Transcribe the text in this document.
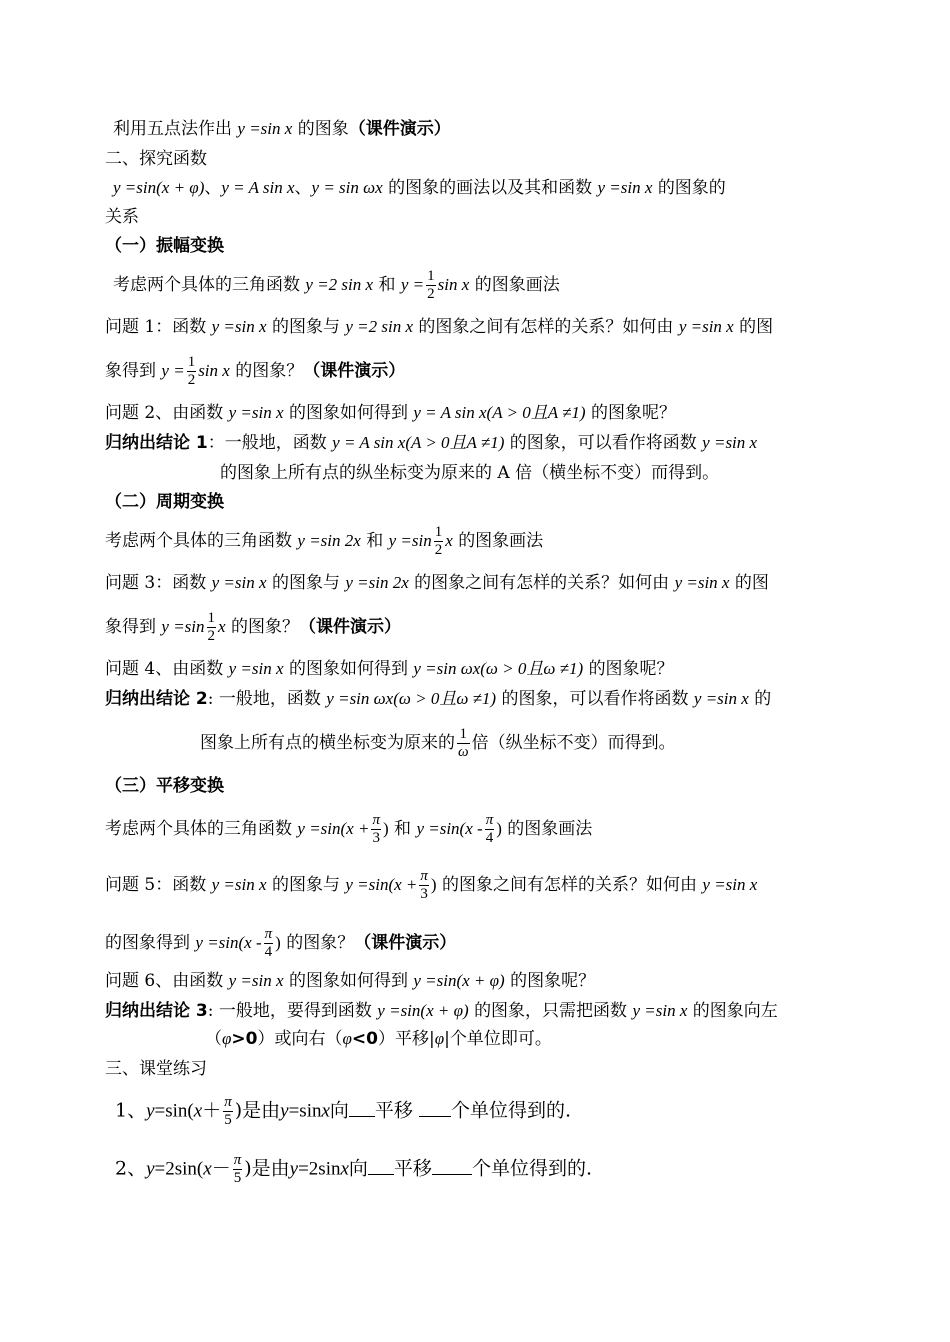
利用五点法作出 y =sin x 的图象（课件演示）
二、探究函数
y =sin(x + φ)、y = A sin x、y = sin ωx 的图象的画法以及其和函数 y =sin x 的图象的
关系
（一）振幅变换
考虑两个具体的三角函数 y =2 sin x 和 $y = \frac{1}{2}$ sin x 的图象画法
问题 1：函数 y =sin x 的图象与 y =2 sin x 的图象之间有怎样的关系？如何由 y =sin x 的图
象得到 $y = \frac{1}{2}$ sin x 的图象？（课件演示）
问题 2、由函数 y =sin x 的图象如何得到 y = A sin x(A > 0且A ≠1) 的图象呢？
归纳出结论 1：一般地，函数 y = A sin x(A > 0且A ≠1) 的图象，可以看作将函数 y =sin x
的图象上所有点的纵坐标变为原来的 A 倍（横坐标不变）而得到。
（二）周期变换
考虑两个具体的三角函数 y =sin 2x 和 $y =\sin \frac{1}{2}$ x 的图象画法
问题 3：函数 y =sin x 的图象与 y =sin 2x 的图象之间有怎样的关系？如何由 y =sin x 的图
象得到 $y =\sin \frac{1}{2}$ x 的图象？（课件演示）
问题 4、由函数 y =sin x 的图象如何得到 y =sin ωx(ω > 0且ω ≠1) 的图象呢？
归纳出结论 2: 一般地，函数 y =sin ωx(ω > 0且ω ≠1) 的图象，可以看作将函数 y =sin x 的
图象上所有点的横坐标变为原来的 $\frac{1}{\omega}$ 倍（纵坐标不变）而得到。
（三）平移变换
考虑两个具体的三角函数 $y =\sin(x + \frac{\pi}{3}$ ) 和 $y =\sin(x - \frac{\pi}{4}$ ) 的图象画法
问题 5：函数 y =sin x 的图象与 $y =\sin(x + \frac{\pi}{3}$ ) 的图象之间有怎样的关系？如何由 y =sin x
的图象得到 $y =\sin(x - \frac{\pi}{4}$ ) 的图象？（课件演示）
问题 6、由函数 y =sin x 的图象如何得到 y =sin(x + φ) 的图象呢？
归纳出结论 3: 一般地，要得到函数 y =sin(x + φ) 的图象，只需把函数 y =sin x 的图象向左
（φ>0）或向右（φ<0）平移|φ|个单位即可。
三、课堂练习
1、$y=\sin(x+ \frac{\pi}{5}$ )是由y=sinx向 平移 个单位得到的.
2、$y=2\sin(x- \frac{\pi}{5}$ )是由y=2sinx向 平移 个单位得到的.
